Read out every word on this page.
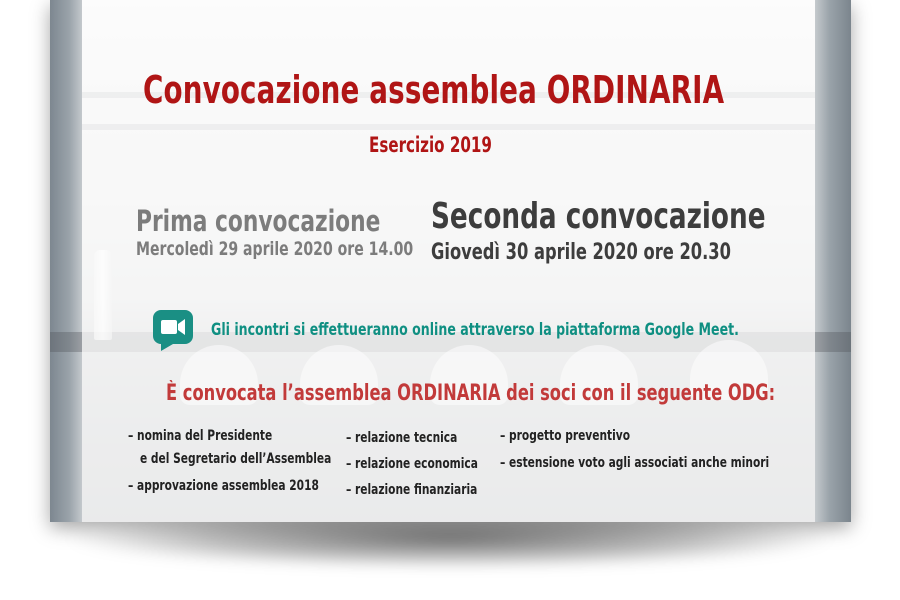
Convocazione assemblea ORDINARIA

Esercizio 2019

Prima convocazione

Mercoledì 29 aprile 2020 ore 14.00

Seconda convocazione

Giovedì 30 aprile 2020 ore 20.30

Gli incontri si effettueranno online attraverso la piattaforma Google Meet.

È convocata l’assemblea ORDINARIA dei soci con il seguente ODG:

– nomina del Presidente

e del Segretario dell’Assemblea

– approvazione assemblea 2018

– relazione tecnica

– relazione economica

– relazione finanziaria

– progetto preventivo

– estensione voto agli associati anche minori
